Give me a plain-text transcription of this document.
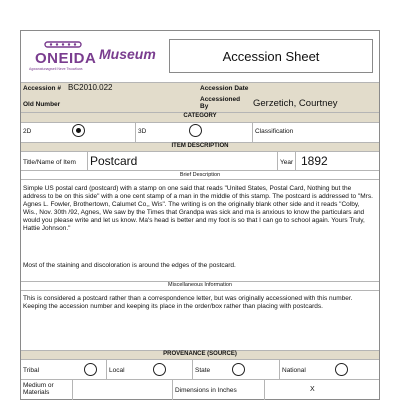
ONEIDA
Agwanatunagweli Neve Twuwikwa
Museum	Accession Sheet
Accession # BC2010.022	Accession Date
Old Number
Accessioned By	Gerzetich, Courtney
CATEGORY
2D	3D	Classification
ITEM DESCRIPTION
Title/Name of Item Postcard	Year 1892
Brief Description
Simple US postal card (postcard) with a stamp on one said that reads "United States, Postal Card, Nothing but the address to be on this side" with a one cent stamp of a man in the middle of this stamp. The postcard is addressed to "Mrs. Agnes L. Fowler, Brothertown, Calumet Co,, Wis". The writing is on the originally blank other side and it reads "Colby, Wis., Nov. 30th /92, Agnes, We saw by the Times that Grandpa was sick and ma is anxious to know the particulars and would you please write and let us know. Ma's head is better and my foot is so that I can go to school again. Yours Truly, Hattie Johnson."
Most of the staining and discoloration is around the edges of the postcard.
Miscellaneous Information
This is considered a postcard rather than a correspondence letter, but was originally accessioned with this number. Keeping the accession number and keeping its place in the order/box rather than placing with postcards.
PROVENANCE (SOURCE)
Tribal	Local	State	National
Medium or Materials	Dimensions in Inches	X
